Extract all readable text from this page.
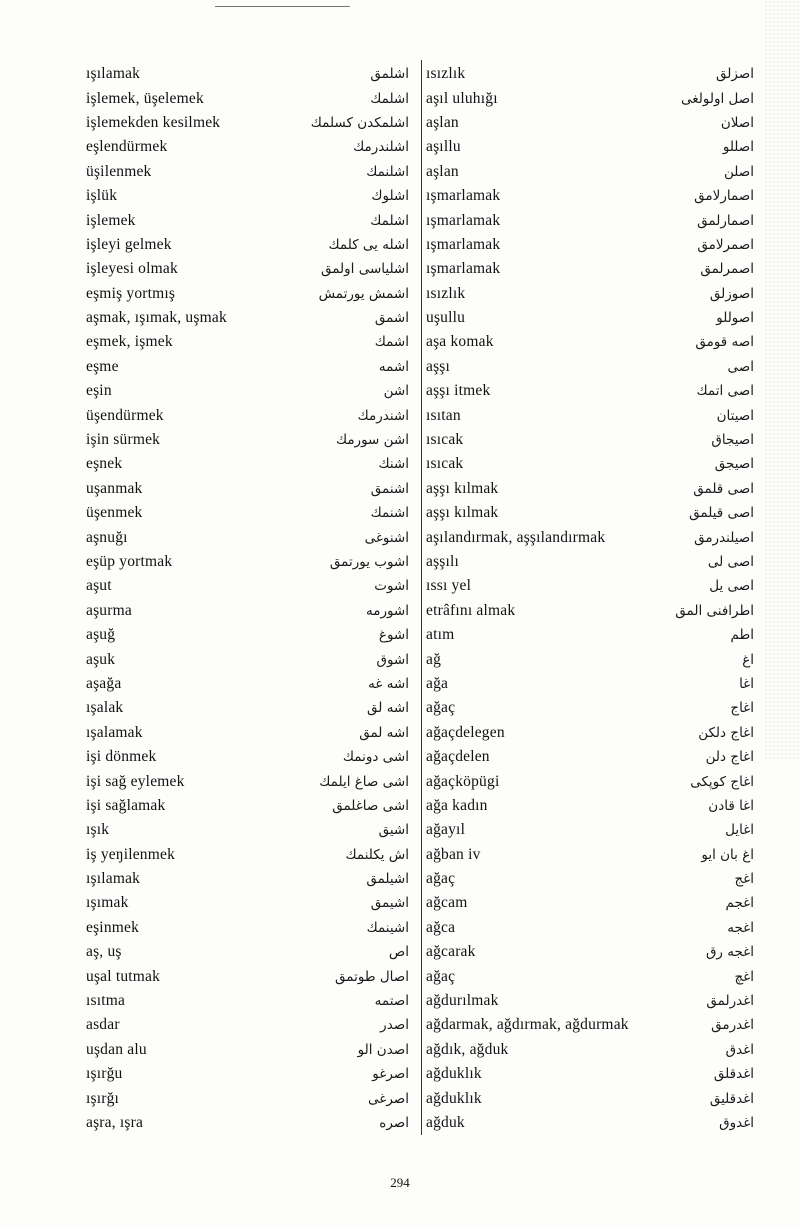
ışılamak	اشلمق
işlemek, üşelemek	اشلمك
işlemekden kesilmek	اشلمكدن كسلمك
eşlendürmek	اشلندرمك
üşilenmek	اشلنمك
işlük	اشلوك
işlemek	اشلمك
işleyi gelmek	اشله يى كلمك
işleyesi olmak	اشلياسى اولمق
eşmiş yortmış	اشمش يورتمش
aşmak, ışımak, uşmak	اشمق
eşmek, işmek	اشمك
eşme	اشمه
eşin	اشن
üşendürmek	اشندرمك
işin sürmek	اشن سورمك
eşnek	اشنك
uşanmak	اشنمق
üşenmek	اشنمك
aşnuğı	اشنوغى
eşüp yortmak	اشوب يورتمق
aşut	اشوت
aşurma	اشورمه
aşuğ	اشوغ
aşuk	اشوق
aşağa	اشه غه
ışalak	اشه لق
ışalamak	اشه لمق
işi dönmek	اشى دونمك
işi sağ eylemek	اشى صاغ ايلمك
işi sağlamak	اشى صاغلمق
ışık	اشيق
iş yeŋilenmek	اش يكلنمك
ışılamak	اشيلمق
ışımak	اشيمق
eşinmek	اشينمك
aş, uş	اص
uşal tutmak	اصال طوتمق
ısıtma	اصتمه
asdar	اصدر
uşdan alu	اصدن الو
ışırğu	اصرغو
ışırğı	اصرغى
aşra, ışra	اصره
ısızlık	اصزلق
aşıl uluhığı	اصل اولولغى
aşlan	اصلان
aşıllu	اصللو
aşlan	اصلن
ışmarlamak	اصمارلامق
ışmarlamak	اصمارلمق
ışmarlamak	اصمرلامق
ışmarlamak	اصمرلمق
ısızlık	اصوزلق
uşullu	اصوللو
aşa komak	اصه قومق
aşşı	اصى
aşşı itmek	اصى اتمك
ısıtan	اصيتان
ısıcak	اصيجاق
ısıcak	اصيجق
aşşı kılmak	اصى قلمق
aşşı kılmak	اصى قيلمق
aşılandırmak, aşşılandırmak	اصيلندرمق
aşşılı	اصى لى
ıssı yel	اصى يل
etrâfını almak	اطرافنى المق
atım	اطم
ağ	اغ
ağa	اغا
ağaç	اغاج
ağaçdelegen	اغاج دلكن
ağaçdelen	اغاج دلن
ağaçköpügi	اغاج كوپكى
ağa kadın	اغا قادن
ağayıl	اغايل
ağban iv	اغ بان ايو
ağaç	اغج
ağcam	اغجم
ağca	اغجه
ağcarak	اغجه رق
ağaç	اغچ
ağdurılmak	اغدرلمق
ağdarmak, ağdırmak, ağdurmak	اغدرمق
ağdık, ağduk	اغدق
ağduklık	اغدقلق
ağduklık	اغدقليق
ağduk	اغدوق
294
